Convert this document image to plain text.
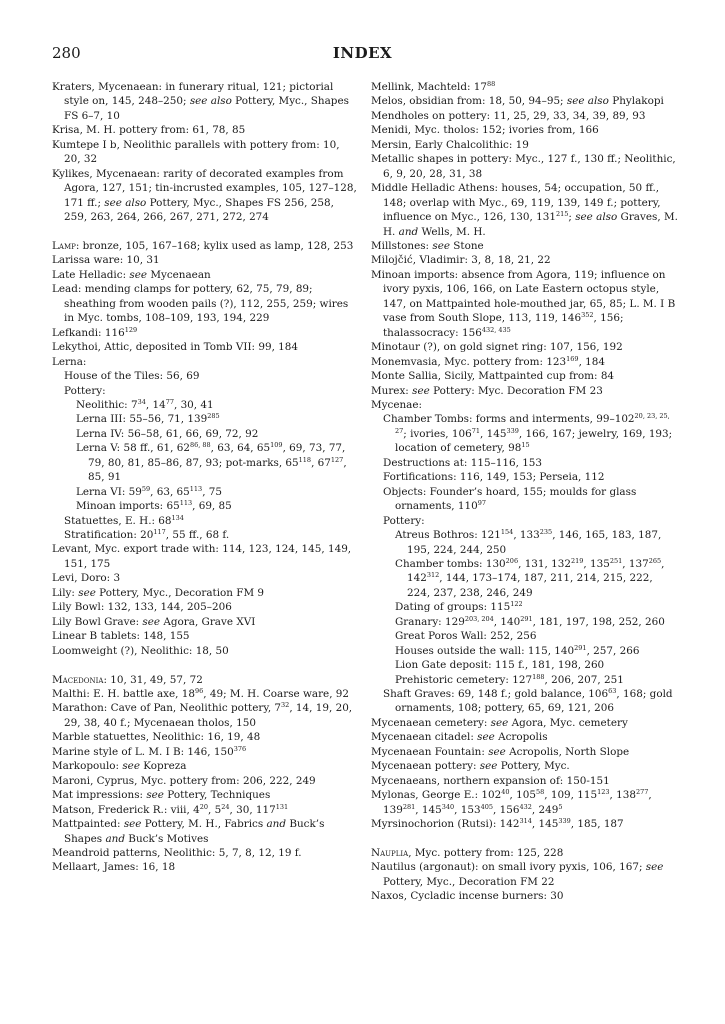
280	INDEX
Kraters, Mycenaean: in funerary ritual, 121; pictorial style on, 145, 248–250; see also Pottery, Myc., Shapes FS 6–7, 10
Krisa, M. H. pottery from: 61, 78, 85
Kumtepe I b, Neolithic parallels with pottery from: 10, 20, 32
Kylikes, Mycenaean: rarity of decorated examples from Agora, 127, 151; tin-incrusted examples, 105, 127–128, 171 ff.; see also Pottery, Myc., Shapes FS 256, 258, 259, 263, 264, 266, 267, 271, 272, 274
Lamp: bronze, 105, 167–168; kylix used as lamp, 128, 253
Larissa ware: 10, 31
Late Helladic: see Mycenaean
Lead: mending clamps for pottery, 62, 75, 79, 89; sheathing from wooden pails (?), 112, 255, 259; wires in Myc. tombs, 108–109, 193, 194, 229
Lefkandi: $116^{129}$
Lekythoi, Attic, deposited in Tomb VII: 99, 184
Lerna:
House of the Tiles: 56, 69
Pottery:
Neolithic: $7^{34}$, $14^{77}$, 30, 41
Lerna III: 55–56, 71, $139^{285}$
Lerna IV: 56–58, 61, 66, 69, 72, 92
Lerna V: 58 ff., 61, 62$^{86, 88}$, 63, 64, $65^{109}$, 69, 73, 77, 79, 80, 81, 85–86, 87, 93; pot-marks, $65^{118}$, $67^{127}$, 85, 91
Lerna VI: $59^{59}$, 63, $65^{113}$, 75
Minoan imports: $65^{113}$, 69, 85
Statuettes, E. H.: $68^{134}$
Stratification: $20^{117}$, 55 ff., 68 f.
Levant, Myc. export trade with: 114, 123, 124, 145, 149, 151, 175
Levi, Doro: 3
Lily: see Pottery, Myc., Decoration FM 9
Lily Bowl: 132, 133, 144, 205–206
Lily Bowl Grave: see Agora, Grave XVI
Linear B tablets: 148, 155
Loomweight (?), Neolithic: 18, 50
Macedonia: 10, 31, 49, 57, 72
Malthi: E. H. battle axe, $18^{96}$, 49; M. H. Coarse ware, 92
Marathon: Cave of Pan, Neolithic pottery, $7^{32}$, 14, 19, 20, 29, 38, 40 f.; Mycenaean tholos, 150
Marble statuettes, Neolithic: 16, 19, 48
Marine style of L. M. I B: 146, $150^{376}$
Markopoulo: see Kopreza
Maroni, Cyprus, Myc. pottery from: 206, 222, 249
Mat impressions: see Pottery, Techniques
Matson, Frederick R.: viii, $4^{20}$, $5^{24}$, 30, $117^{131}$
Mattpainted: see Pottery, M. H., Fabrics and Buck’s Shapes and Buck’s Motives
Meandroid patterns, Neolithic: 5, 7, 8, 12, 19 f.
Mellaart, James: 16, 18
Mellink, Machteld: $17^{88}$
Melos, obsidian from: 18, 50, 94–95; see also Phylakopi
Mendholes on pottery: 11, 25, 29, 33, 34, 39, 89, 93
Menidi, Myc. tholos: 152; ivories from, 166
Mersin, Early Chalcolithic: 19
Metallic shapes in pottery: Myc., 127 f., 130 ff.; Neolithic, 6, 9, 20, 28, 31, 38
Middle Helladic Athens: houses, 54; occupation, 50 ff., 148; overlap with Myc., 69, 119, 139, 149 f.; pottery, influence on Myc., 126, 130, $131^{215}$; see also Graves, M. H. and Wells, M. H.
Millstones: see Stone
Milojčić, Vladimir: 3, 8, 18, 21, 22
Minoan imports: absence from Agora, 119; influence on ivory pyxis, 106, 166, on Late Eastern octopus style, 147, on Mattpainted hole-mouthed jar, 65, 85; L. M. I B vase from South Slope, 113, 119, $146^{352}$, 156; thalassocracy: 156$^{432, 435}$
Minotaur (?), on gold signet ring: 107, 156, 192
Monemvasia, Myc. pottery from: $123^{169}$, 184
Monte Sallia, Sicily, Mattpainted cup from: 84
Murex: see Pottery: Myc. Decoration FM 23
Mycenae:
Chamber Tombs: forms and interments, 99–102$^{20, 23, 25, 27}$; ivories, $106^{71}$, $145^{339}$, 166, 167; jewelry, 169, 193; location of cemetery, $98^{15}$
Destructions at: 115–116, 153
Fortifications: 116, 149, 153; Perseia, 112
Objects: Founder’s hoard, 155; moulds for glass ornaments, $110^{97}$
Pottery:
Atreus Bothros: $121^{154}$, $133^{235}$, 146, 165, 183, 187, 195, 224, 244, 250
Chamber tombs: $130^{206}$, 131, $132^{219}$, $135^{251}$, $137^{265}$, $142^{312}$, 144, 173–174, 187, 211, 214, 215, 222, 224, 237, 238, 246, 249
Dating of groups: $115^{122}$
Granary: 129$^{203, 204}$, $140^{291}$, 181, 197, 198, 252, 260
Great Poros Wall: 252, 256
Houses outside the wall: 115, $140^{291}$, 257, 266
Lion Gate deposit: 115 f., 181, 198, 260
Prehistoric cemetery: $127^{188}$, 206, 207, 251
Shaft Graves: 69, 148 f.; gold balance, $106^{63}$, 168; gold ornaments, 108; pottery, 65, 69, 121, 206
Mycenaean cemetery: see Agora, Myc. cemetery
Mycenaean citadel: see Acropolis
Mycenaean Fountain: see Acropolis, North Slope
Mycenaean pottery: see Pottery, Myc.
Mycenaeans, northern expansion of: 150-151
Mylonas, George E.: $102^{40}$, $105^{58}$, 109, $115^{123}$, $138^{277}$, $139^{281}$, $145^{340}$, $153^{405}$, $156^{432}$, $249^5$
Myrsinochorion (Rutsi): $142^{314}$, $145^{339}$, 185, 187
Nauplia, Myc. pottery from: 125, 228
Nautilus (argonaut): on small ivory pyxis, 106, 167; see Pottery, Myc., Decoration FM 22
Naxos, Cycladic incense burners: 30
